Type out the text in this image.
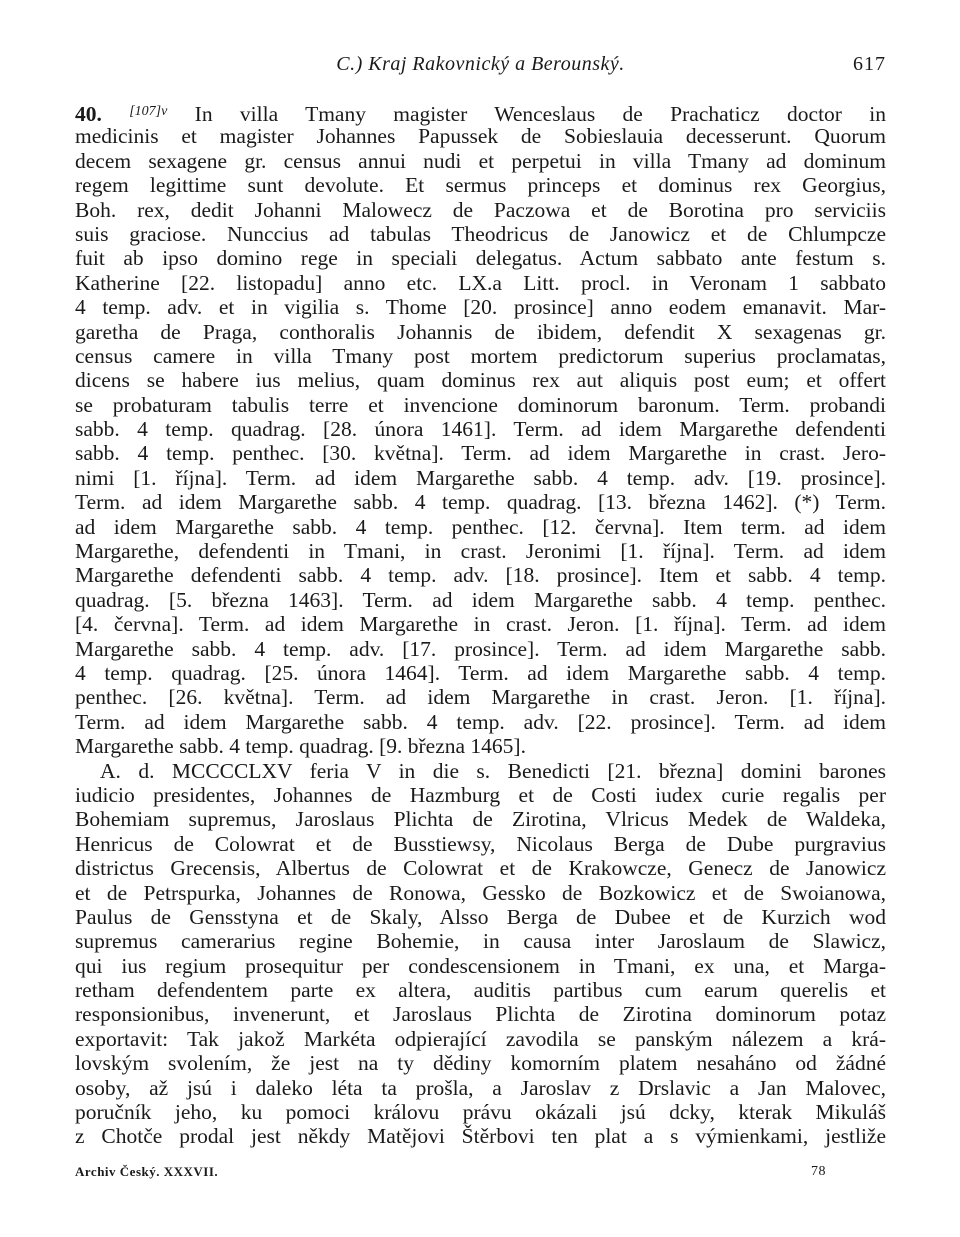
C.) Kraj Rakovnický a Berounský.	617
40. $^{[107]v}$ In villa Tmany magister Wenceslaus de Prachaticz doctor in
medicinis et magister Johannes Papussek de Sobieslauia decesserunt. Quorum
decem sexagene gr. census annui nudi et perpetui in villa Tmany ad dominum
regem legittime sunt devolute. Et sermus princeps et dominus rex Georgius,
Boh. rex, dedit Johanni Malowecz de Paczowa et de Borotina pro serviciis
suis graciose. Nunccius ad tabulas Theodricus de Janowicz et de Chlumpcze
fuit ab ipso domino rege in speciali delegatus. Actum sabbato ante festum s.
Katherine [22. listopadu] anno etc. LX.a Litt. procl. in Veronam 1 sabbato
4 temp. adv. et in vigilia s. Thome [20. prosince] anno eodem emanavit. Mar-
garetha de Praga, conthoralis Johannis de ibidem, defendit X sexagenas gr.
census camere in villa Tmany post mortem predictorum superius proclamatas,
dicens se habere ius melius, quam dominus rex aut aliquis post eum; et offert
se probaturam tabulis terre et invencione dominorum baronum. Term. probandi
sabb. 4 temp. quadrag. [28. února 1461]. Term. ad idem Margarethe defendenti
sabb. 4 temp. penthec. [30. května]. Term. ad idem Margarethe in crast. Jero-
nimi [1. října]. Term. ad idem Margarethe sabb. 4 temp. adv. [19. prosince].
Term. ad idem Margarethe sabb. 4 temp. quadrag. [13. března 1462]. (*) Term.
ad idem Margarethe sabb. 4 temp. penthec. [12. června]. Item term. ad idem
Margarethe, defendenti in Tmani, in crast. Jeronimi [1. října]. Term. ad idem
Margarethe defendenti sabb. 4 temp. adv. [18. prosince]. Item et sabb. 4 temp.
quadrag. [5. března 1463]. Term. ad idem Margarethe sabb. 4 temp. penthec.
[4. června]. Term. ad idem Margarethe in crast. Jeron. [1. října]. Term. ad idem
Margarethe sabb. 4 temp. adv. [17. prosince]. Term. ad idem Margarethe sabb.
4 temp. quadrag. [25. února 1464]. Term. ad idem Margarethe sabb. 4 temp.
penthec. [26. května]. Term. ad idem Margarethe in crast. Jeron. [1. října].
Term. ad idem Margarethe sabb. 4 temp. adv. [22. prosince]. Term. ad idem
Margarethe sabb. 4 temp. quadrag. [9. března 1465].
A. d. MCCCCLXV feria V in die s. Benedicti [21. března] domini barones
iudicio presidentes, Johannes de Hazmburg et de Costi iudex curie regalis per
Bohemiam supremus, Jaroslaus Plichta de Zirotina, Vlricus Medek de Waldeka,
Henricus de Colowrat et de Busstiewsy, Nicolaus Berga de Dube purgravius
districtus Grecensis, Albertus de Colowrat et de Krakowcze, Genecz de Janowicz
et de Petrspurka, Johannes de Ronowa, Gessko de Bozkowicz et de Swoianowa,
Paulus de Gensstyna et de Skaly, Alsso Berga de Dubee et de Kurzich wod
supremus camerarius regine Bohemie, in causa inter Jaroslaum de Slawicz,
qui ius regium prosequitur per condescensionem in Tmani, ex una, et Marga-
retham defendentem parte ex altera, auditis partibus cum earum querelis et
responsionibus, invenerunt, et Jaroslaus Plichta de Zirotina dominorum potaz
exportavit: Tak jakož Markéta odpierající zavodila se panským nálezem a krá-
lovským svolením, že jest na ty dědiny komorním platem nesaháno od žádné
osoby, až jsú i daleko léta ta prošla, a Jaroslav z Drslavic a Jan Malovec,
poručník jeho, ku pomoci královu právu okázali jsú dcky, kterak Mikuláš
z Chotče prodal jest někdy Matějovi Štěrbovi ten plat a s výmienkami, jestliže
Archiv Český. XXXVII.	78
